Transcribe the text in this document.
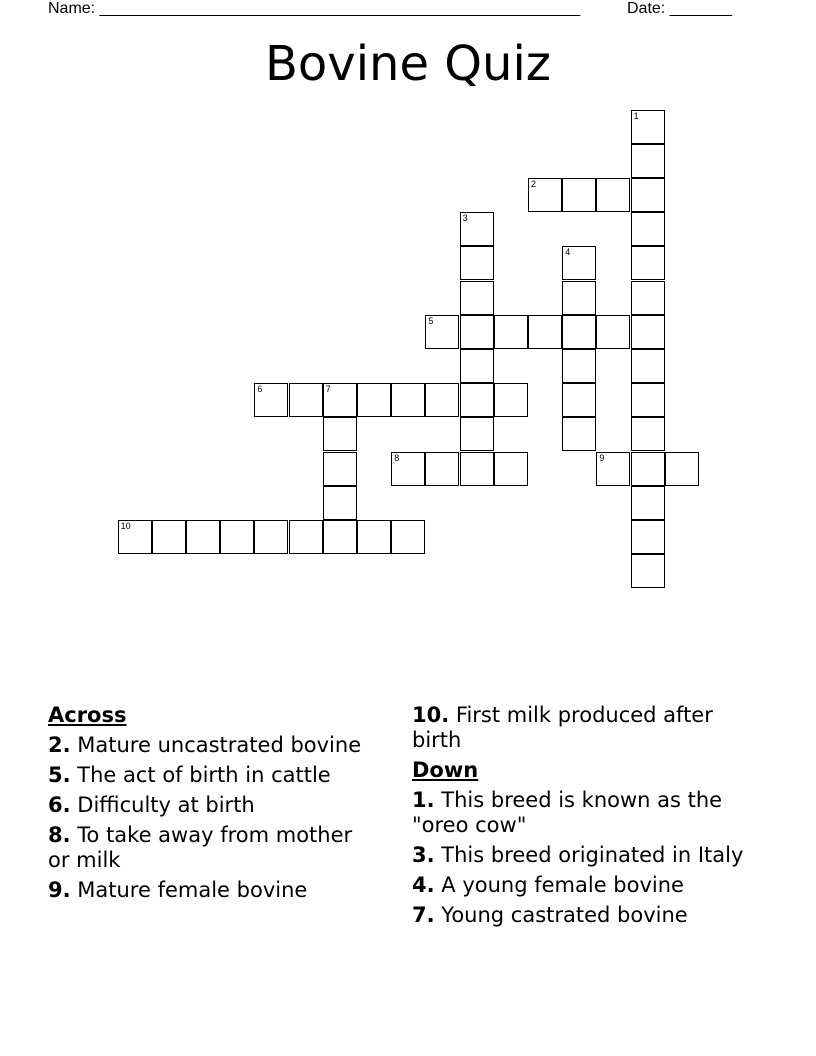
Name: ______________________________________________________	Date: _______
Bovine Quiz
1
2
3
4
5
6	7
8	9
10
Across
2. Mature uncastrated bovine
5. The act of birth in cattle
6. Difficulty at birth
8. To take away from mother or milk
9. Mature female bovine
10. First milk produced after birth
Down
1. This breed is known as the "oreo cow"
3. This breed originated in Italy
4. A young female bovine
7. Young castrated bovine
